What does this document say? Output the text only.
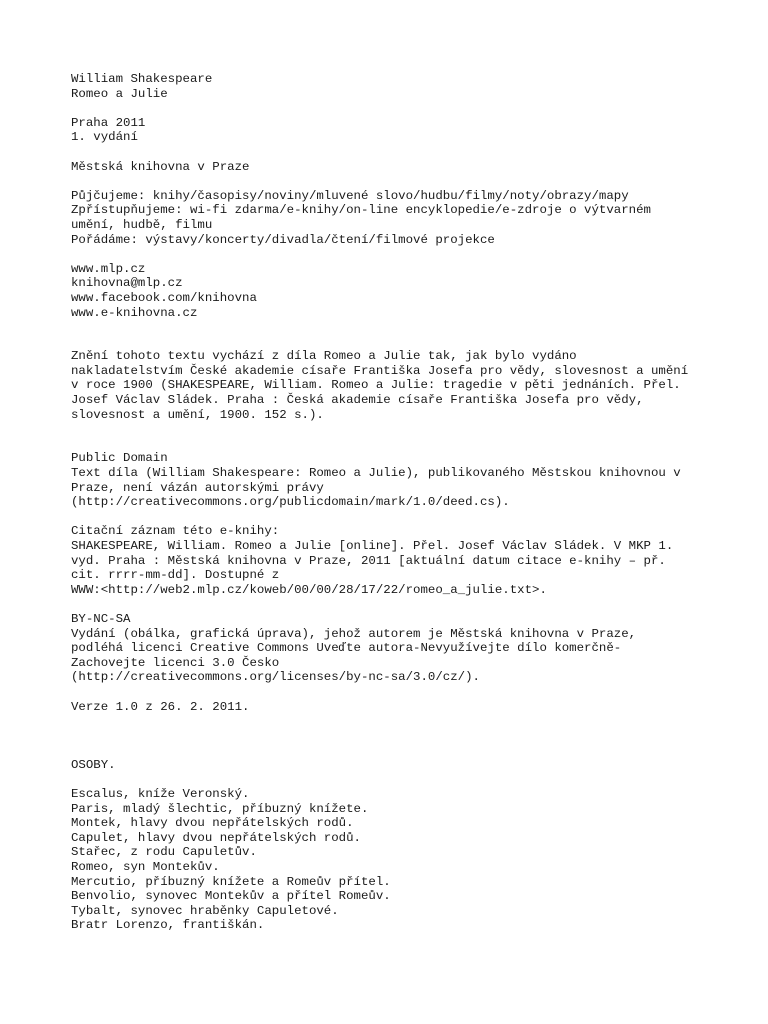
William Shakespeare
Romeo a Julie
Praha 2011
1. vydání
Městská knihovna v Praze
Půjčujeme: knihy/časopisy/noviny/mluvené slovo/hudbu/filmy/noty/obrazy/mapy
Zpřístupňujeme: wi-fi zdarma/e-knihy/on-line encyklopedie/e-zdroje o výtvarném
umění, hudbě, filmu
Pořádáme: výstavy/koncerty/divadla/čtení/filmové projekce
www.mlp.cz
knihovna@mlp.cz
www.facebook.com/knihovna
www.e-knihovna.cz
Znění tohoto textu vychází z díla Romeo a Julie tak, jak bylo vydáno
nakladatelstvím České akademie císaře Františka Josefa pro vědy, slovesnost a umění
v roce 1900 (SHAKESPEARE, William. Romeo a Julie: tragedie v pěti jednáních. Přel.
Josef Václav Sládek. Praha : Česká akademie císaře Františka Josefa pro vědy,
slovesnost a umění, 1900. 152 s.).
Public Domain
Text díla (William Shakespeare: Romeo a Julie), publikovaného Městskou knihovnou v
Praze, není vázán autorskými právy
(http://creativecommons.org/publicdomain/mark/1.0/deed.cs).
Citační záznam této e-knihy:
SHAKESPEARE, William. Romeo a Julie [online]. Přel. Josef Václav Sládek. V MKP 1.
vyd. Praha : Městská knihovna v Praze, 2011 [aktuální datum citace e-knihy – př.
cit. rrrr-mm-dd]. Dostupné z
WWW:<http://web2.mlp.cz/koweb/00/00/28/17/22/romeo_a_julie.txt>.
BY-NC-SA
Vydání (obálka, grafická úprava), jehož autorem je Městská knihovna v Praze,
podléhá licenci Creative Commons Uveďte autora-Nevyužívejte dílo komerčně-
Zachovejte licenci 3.0 Česko
(http://creativecommons.org/licenses/by-nc-sa/3.0/cz/).
Verze 1.0 z 26. 2. 2011.
OSOBY.
Escalus, kníže Veronský.
Paris, mladý šlechtic, příbuzný knížete.
Montek, hlavy dvou nepřátelských rodů.
Capulet, hlavy dvou nepřátelských rodů.
Stařec, z rodu Capuletův.
Romeo, syn Montekův.
Mercutio, příbuzný knížete a Romeův přítel.
Benvolio, synovec Montekův a přítel Romeův.
Tybalt, synovec hraběnky Capuletové.
Bratr Lorenzo, františkán.
